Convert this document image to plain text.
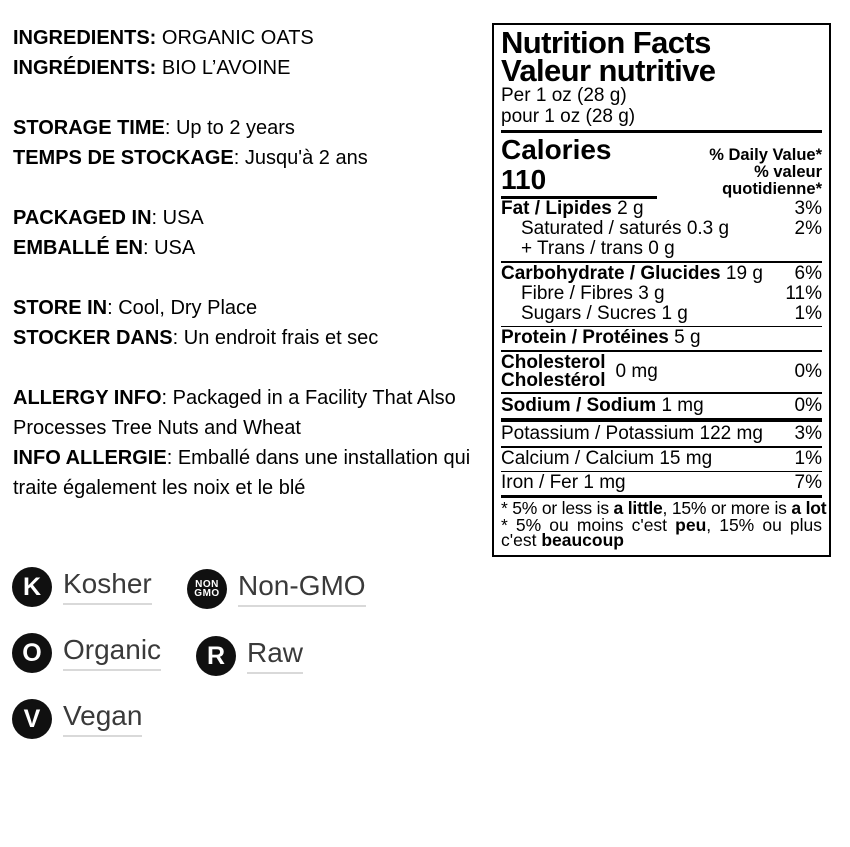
INGREDIENTS: ORGANIC OATS
INGRÉDIENTS: BIO L’AVOINE
STORAGE TIME: Up to 2 years
TEMPS DE STOCKAGE: Jusqu'à 2 ans
PACKAGED IN: USA
EMBALLÉ EN: USA
STORE IN: Cool, Dry Place
STOCKER DANS: Un endroit frais et sec
ALLERGY INFO: Packaged in a Facility That Also Processes Tree Nuts and Wheat
INFO ALLERGIE: Emballé dans une installation qui traite également les noix et le blé
Nutrition Facts
Valeur nutritive
Per 1 oz (28 g)
pour 1 oz (28 g)
Calories 110
% Daily Value*
% valeur quotidienne*
Fat / Lipides 2 g	3%
Saturated / saturés 0.3 g	2%
+ Trans / trans 0 g
Carbohydrate / Glucides 19 g 6%
Fibre / Fibres 3 g	11%
Sugars / Sucres 1 g	1%
Protein / Protéines 5 g
Cholesterol
Cholestérol 0 mg	0%
Sodium / Sodium 1 mg	0%
Potassium / Potassium 122 mg 3%
Calcium / Calcium 15 mg	1%
Iron / Fer 1 mg	7%
* 5% or less is a little, 15% or more is a lot
* 5% ou moins c'est peu, 15% ou plus c'est beaucoup
K Kosher	NON
GMO Non-GMO
O Organic R Raw
V Vegan
